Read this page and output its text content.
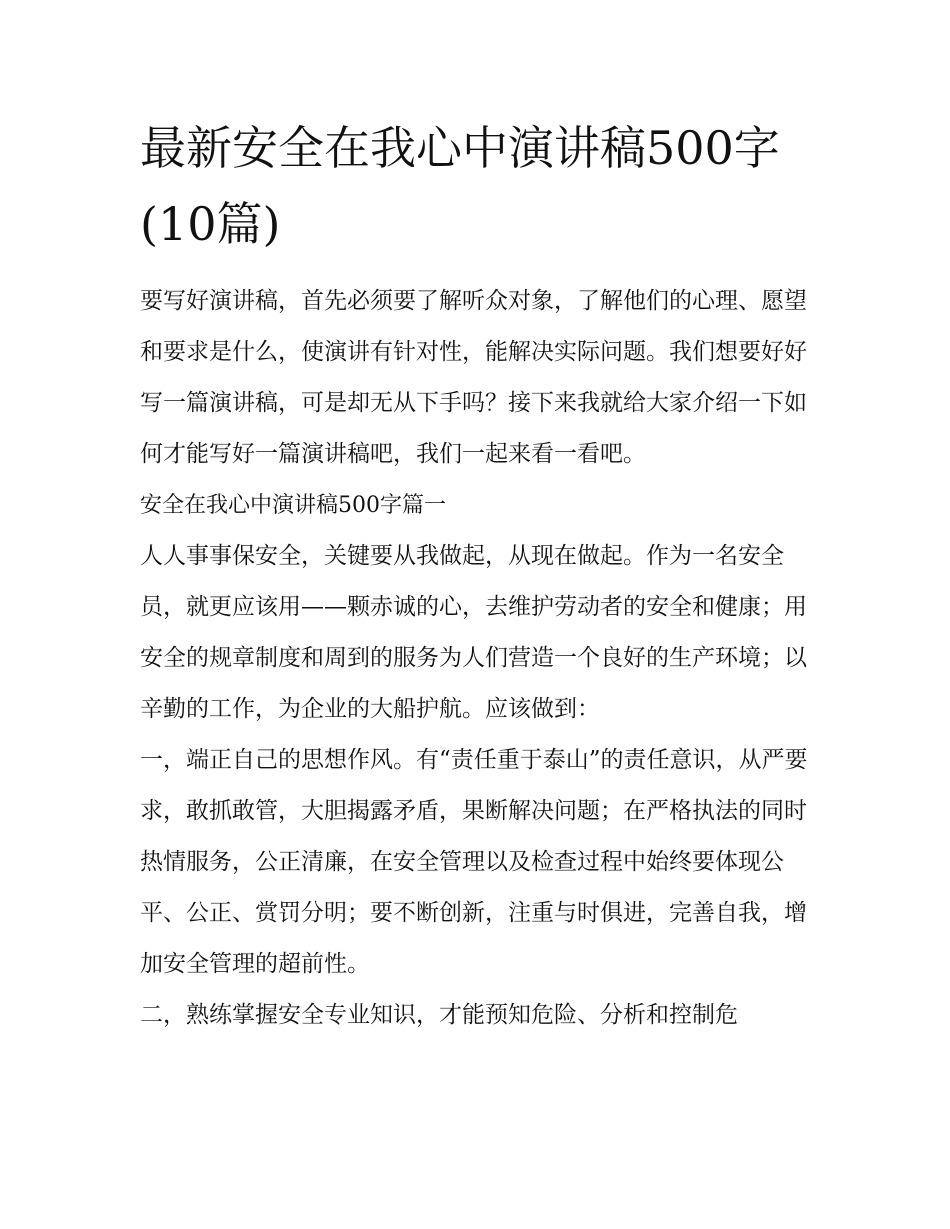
最新安全在我心中演讲稿500字(10篇)

要写好演讲稿，首先必须要了解听众对象，了解他们的心理、愿望和要求是什么，使演讲有针对性，能解决实际问题。我们想要好好写一篇演讲稿，可是却无从下手吗？接下来我就给大家介绍一下如何才能写好一篇演讲稿吧，我们一起来看一看吧。

安全在我心中演讲稿500字篇一

人人事事保安全，关键要从我做起，从现在做起。作为一名安全员，就更应该用——颗赤诚的心，去维护劳动者的安全和健康；用安全的规章制度和周到的服务为人们营造一个良好的生产环境；以辛勤的工作，为企业的大船护航。应该做到：

一，端正自己的思想作风。有“责任重于泰山”的责任意识，从严要求，敢抓敢管，大胆揭露矛盾，果断解决问题；在严格执法的同时热情服务，公正清廉，在安全管理以及检查过程中始终要体现公平、公正、赏罚分明；要不断创新，注重与时俱进，完善自我，增加安全管理的超前性。

二，熟练掌握安全专业知识，才能预知危险、分析和控制危
